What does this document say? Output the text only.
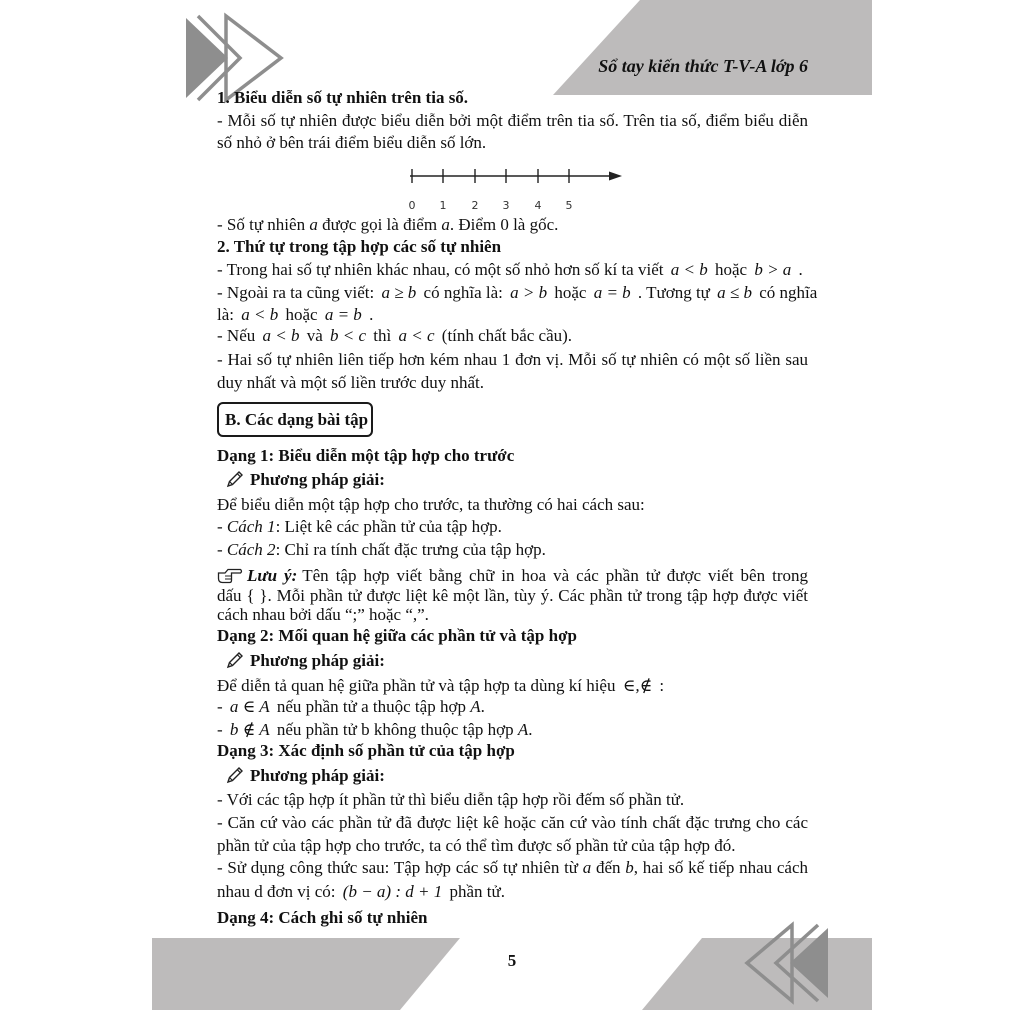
Sổ tay kiến thức T-V-A lớp 6
1. Biểu diễn số tự nhiên trên tia số.
- Mỗi số tự nhiên được biểu diễn bởi một điểm trên tia số. Trên tia số, điểm biểu diễn
số nhỏ ở bên trái điểm biểu diễn số lớn.
0 1 2 3 4 5
- Số tự nhiên a được gọi là điểm a. Điểm 0 là gốc.
2. Thứ tự trong tập hợp các số tự nhiên
- Trong hai số tự nhiên khác nhau, có một số nhỏ hơn số kí ta viết a < b hoặc b > a .
- Ngoài ra ta cũng viết: a ≥ b có nghĩa là: a > b hoặc a = b . Tương tự a ≤ b có nghĩa
là: a < b hoặc a = b .
- Nếu a < b và b < c thì a < c (tính chất bắc cầu).
- Hai số tự nhiên liên tiếp hơn kém nhau 1 đơn vị. Mỗi số tự nhiên có một số liền sau
duy nhất và một số liền trước duy nhất.
B. Các dạng bài tập
Dạng 1: Biểu diễn một tập hợp cho trước
Phương pháp giải:
Để biểu diễn một tập hợp cho trước, ta thường có hai cách sau:
- Cách 1: Liệt kê các phần tử của tập hợp.
- Cách 2: Chỉ ra tính chất đặc trưng của tập hợp.
Lưu ý: Tên tập hợp viết bằng chữ in hoa và các phần tử được viết bên trong
dấu { }. Mỗi phần tử được liệt kê một lần, tùy ý. Các phần tử trong tập hợp được viết
cách nhau bởi dấu “;” hoặc “,”.
Dạng 2: Mối quan hệ giữa các phần tử và tập hợp
Phương pháp giải:
Để diễn tả quan hệ giữa phần tử và tập hợp ta dùng kí hiệu ∈,∉ :
- a ∈ A nếu phần tử a thuộc tập hợp A.
- b ∉ A nếu phần tử b không thuộc tập hợp A.
Dạng 3: Xác định số phần tử của tập hợp
Phương pháp giải:
- Với các tập hợp ít phần tử thì biểu diễn tập hợp rồi đếm số phần tử.
- Căn cứ vào các phần tử đã được liệt kê hoặc căn cứ vào tính chất đặc trưng cho các
phần tử của tập hợp cho trước, ta có thể tìm được số phần tử của tập hợp đó.
- Sử dụng công thức sau: Tập hợp các số tự nhiên từ a đến b, hai số kế tiếp nhau cách
nhau d đơn vị có: (b − a) : d + 1 phần tử.
Dạng 4: Cách ghi số tự nhiên
5
